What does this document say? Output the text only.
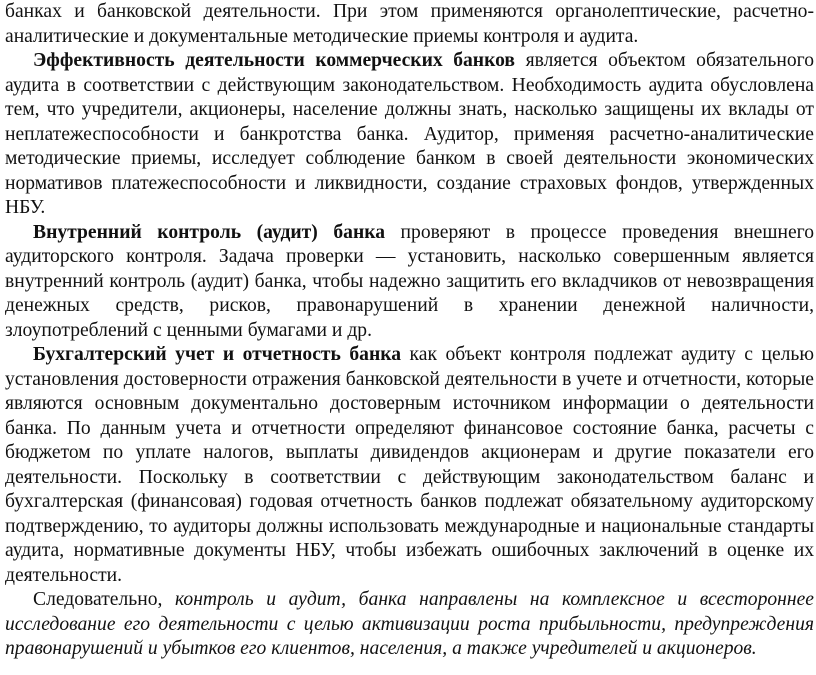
банках и банковской деятельности. При этом применяются органолептические, расчетно-аналитические и документальные методические приемы контроля и аудита.

Эффективность деятельности коммерческих банков является объектом обязательного аудита в соответствии с действующим законодательством. Необходимость аудита обусловлена тем, что учредители, акционеры, население должны знать, насколько защищены их вклады от неплатежеспособности и банкротства банка. Аудитор, применяя расчетно-аналитические методические приемы, исследует соблюдение банком в своей деятельности экономических нормативов платежеспособности и ликвидности, создание страховых фондов, утвержденных НБУ.

Внутренний контроль (аудит) банка проверяют в процессе проведения внешнего аудиторского контроля. Задача проверки — установить, насколько совершенным является внутренний контроль (аудит) банка, чтобы надежно защитить его вкладчиков от невозвращения денежных средств, рисков, правонарушений в хранении денежной наличности, злоупотреблений с ценными бумагами и др.

Бухгалтерский учет и отчетность банка как объект контроля подлежат аудиту с целью установления достоверности отражения банковской деятельности в учете и отчетности, которые являются основным документально достоверным источником информации о деятельности банка. По данным учета и отчетности определяют финансовое состояние банка, расчеты с бюджетом по уплате налогов, выплаты дивидендов акционерам и другие показатели его деятельности. Поскольку в соответствии с действующим законодательством баланс и бухгалтерская (финансовая) годовая отчетность банков подлежат обязательному аудиторскому подтверждению, то аудиторы должны использовать международные и национальные стандарты аудита, нормативные документы НБУ, чтобы избежать ошибочных заключений в оценке их деятельности.

Следовательно, контроль и аудит, банка направлены на комплексное и всестороннее исследование его деятельности с целью активизации роста прибыльности, предупреждения правонарушений и убытков его клиентов, населения, а также учредителей и акционеров.
